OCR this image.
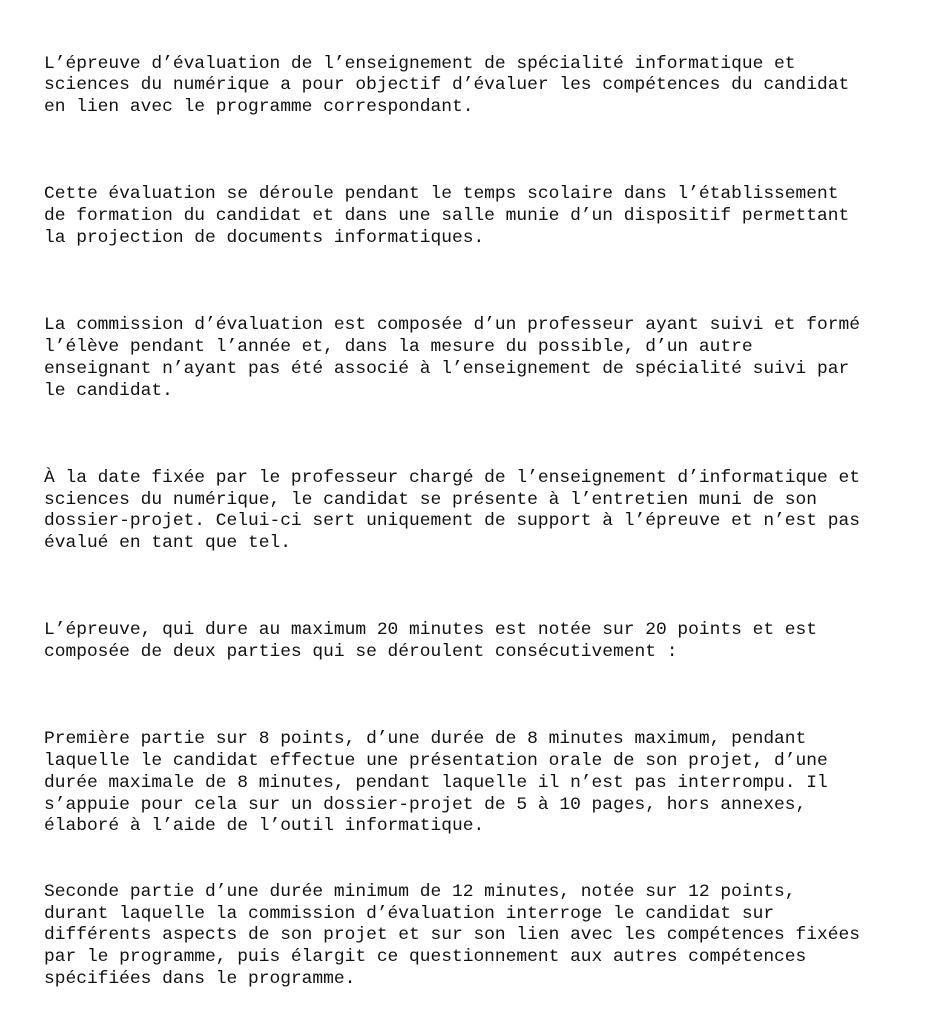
L’épreuve d’évaluation de l’enseignement de spécialité informatique et
sciences du numérique a pour objectif d’évaluer les compétences du candidat
en lien avec le programme correspondant.

Cette évaluation se déroule pendant le temps scolaire dans l’établissement
de formation du candidat et dans une salle munie d’un dispositif permettant
la projection de documents informatiques.

La commission d’évaluation est composée d’un professeur ayant suivi et formé
l’élève pendant l’année et, dans la mesure du possible, d’un autre
enseignant n’ayant pas été associé à l’enseignement de spécialité suivi par
le candidat.

À la date fixée par le professeur chargé de l’enseignement d’informatique et
sciences du numérique, le candidat se présente à l’entretien muni de son
dossier-projet. Celui-ci sert uniquement de support à l’épreuve et n’est pas
évalué en tant que tel.

L’épreuve, qui dure au maximum 20 minutes est notée sur 20 points et est
composée de deux parties qui se déroulent consécutivement :

Première partie sur 8 points, d’une durée de 8 minutes maximum, pendant
laquelle le candidat effectue une présentation orale de son projet, d’une
durée maximale de 8 minutes, pendant laquelle il n’est pas interrompu. Il
s’appuie pour cela sur un dossier-projet de 5 à 10 pages, hors annexes,
élaboré à l’aide de l’outil informatique.

Seconde partie d’une durée minimum de 12 minutes, notée sur 12 points,
durant laquelle la commission d’évaluation interroge le candidat sur
différents aspects de son projet et sur son lien avec les compétences fixées
par le programme, puis élargit ce questionnement aux autres compétences
spécifiées dans le programme.
